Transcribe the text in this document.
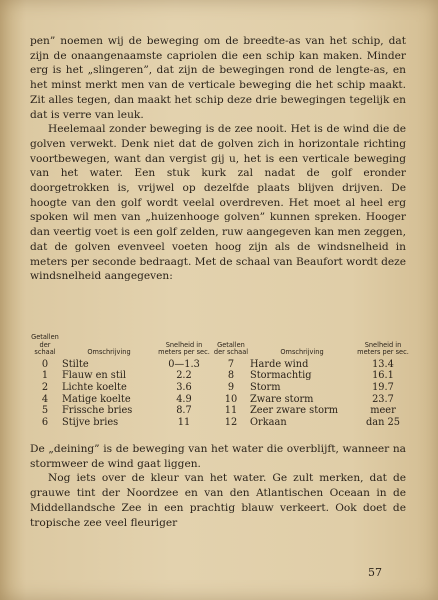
pen” noemen wij de beweging om de breedte-as van het schip, dat zijn de onaangenaamste capriolen die een schip kan maken. Minder erg is het „slingeren”, dat zijn de bewegingen rond de lengte-as, en het minst merkt men van de verticale beweging die het schip maakt. Zit alles tegen, dan maakt het schip deze drie bewegingen tegelijk en dat is verre van leuk.

Heelemaal zonder beweging is de zee nooit. Het is de wind die de golven verwekt. Denk niet dat de golven zich in horizontale richting voortbewegen, want dan vergist gij u, het is een verticale beweging van het water. Een stuk kurk zal nadat de golf eronder doorgetrokken is, vrijwel op dezelfde plaats blijven drijven. De hoogte van den golf wordt veelal overdreven. Het moet al heel erg spoken wil men van „huizenhooge golven” kunnen spreken. Hooger dan veertig voet is een golf zelden, ruw aangegeven kan men zeggen, dat de golven evenveel voeten hoog zijn als de windsnelheid in meters per seconde bedraagt. Met de schaal van Beaufort wordt deze windsnelheid aangegeven:

Getallen der schaal	Omschrijving	Snelheid in meters per sec.	Getallen der schaal	Omschrijving	Snelheid in meters per sec.
0	Stilte	0—1.3	7	Harde wind	13.4
1	Flauw en stil	2.2	8	Stormachtig	16.1
2	Lichte koelte	3.6	9	Storm	19.7
4	Matige koelte	4.9	10	Zware storm	23.7
5	Frissche bries	8.7	11	Zeer zware storm	meer
6	Stijve bries	11	12	Orkaan	dan 25

De „deining” is de beweging van het water die overblijft, wanneer na stormweer de wind gaat liggen.

Nog iets over de kleur van het water. Ge zult merken, dat de grauwe tint der Noordzee en van den Atlantischen Oceaan in de Middellandsche Zee in een prachtig blauw verkeert. Ook doet de tropische zee veel fleuriger

57
